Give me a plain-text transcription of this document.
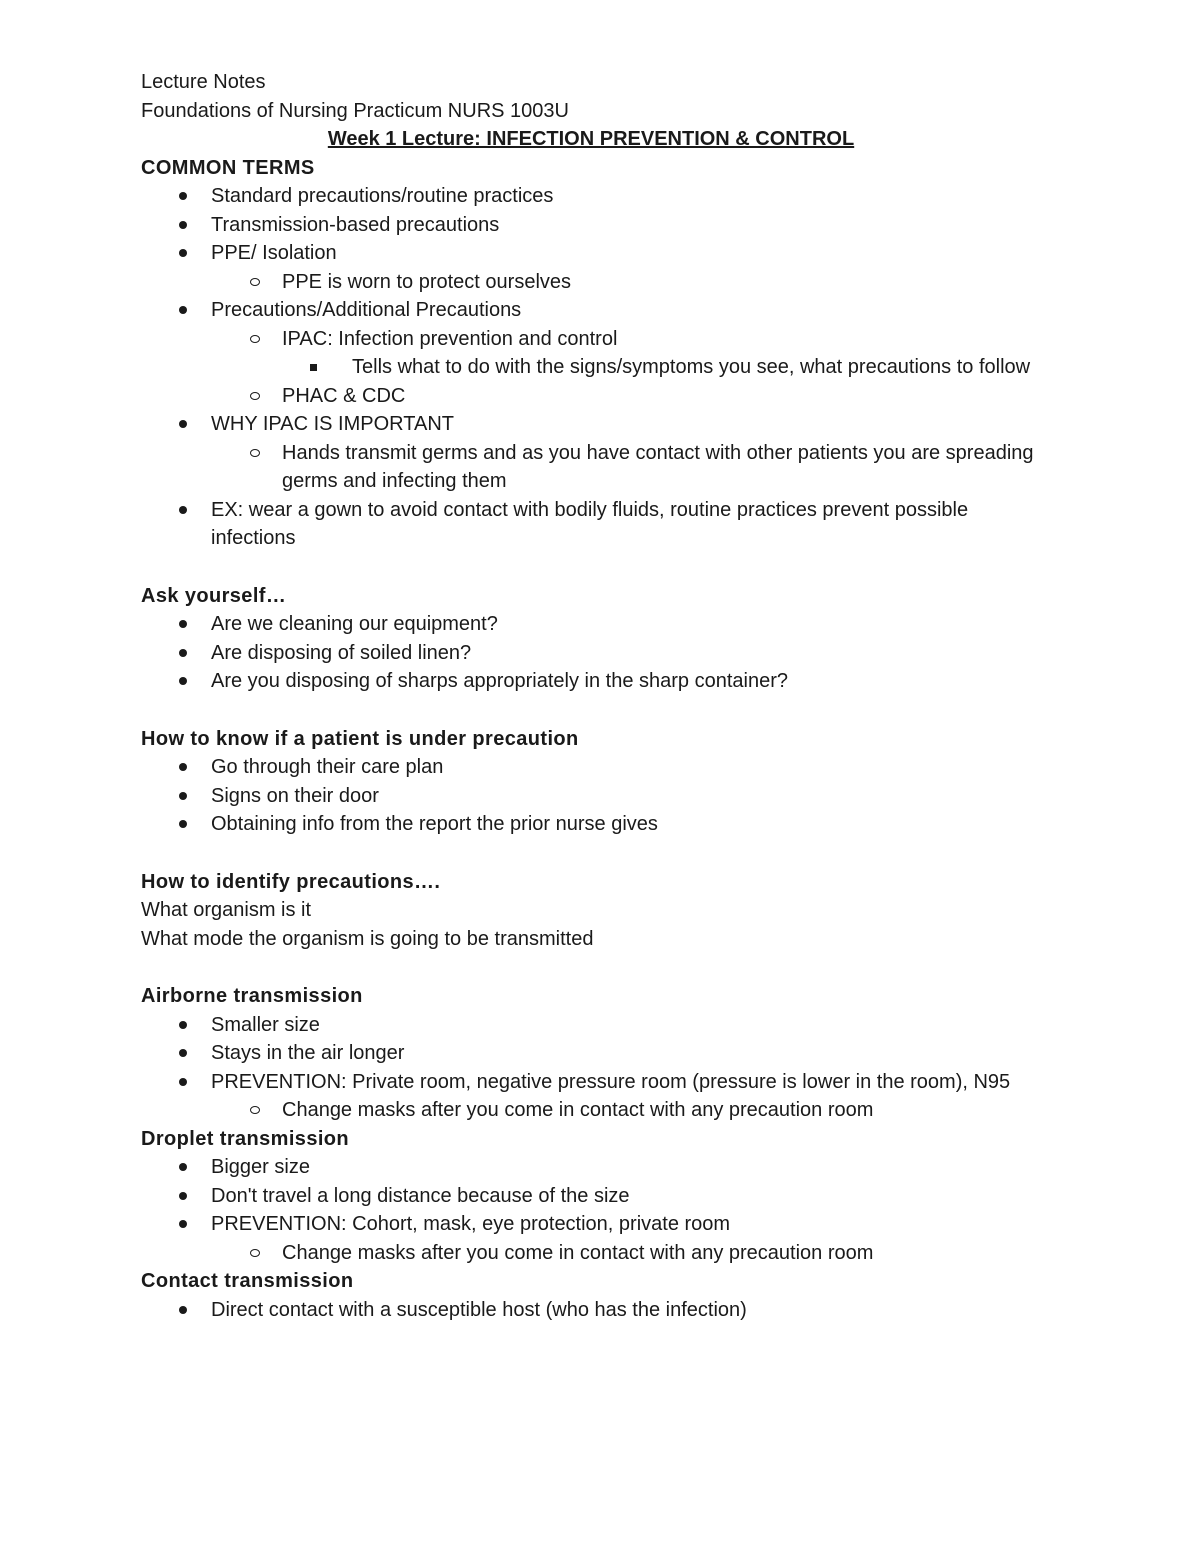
Lecture Notes

Foundations of Nursing Practicum NURS 1003U

Week 1 Lecture: INFECTION PREVENTION & CONTROL

COMMON TERMS

Standard precautions/routine practices
Transmission-based precautions
PPE/ Isolation
PPE is worn to protect ourselves
Precautions/Additional Precautions
IPAC: Infection prevention and control
Tells what to do with the signs/symptoms you see, what precautions to follow
PHAC & CDC
WHY IPAC IS IMPORTANT
Hands transmit germs and as you have contact with other patients you are spreading germs and infecting them
EX: wear a gown to avoid contact with bodily fluids, routine practices prevent possible infections

Ask yourself…

Are we cleaning our equipment?
Are disposing of soiled linen?
Are you disposing of sharps appropriately in the sharp container?

How to know if a patient is under precaution

Go through their care plan
Signs on their door
Obtaining info from the report the prior nurse gives

How to identify precautions….

What organism is it

What mode the organism is going to be transmitted

Airborne transmission

Smaller size
Stays in the air longer
PREVENTION: Private room, negative pressure room (pressure is lower in the room), N95
Change masks after you come in contact with any precaution room

Droplet transmission

Bigger size
Don't travel a long distance because of the size
PREVENTION: Cohort, mask, eye protection, private room
Change masks after you come in contact with any precaution room

Contact transmission

Direct contact with a susceptible host (who has the infection)
